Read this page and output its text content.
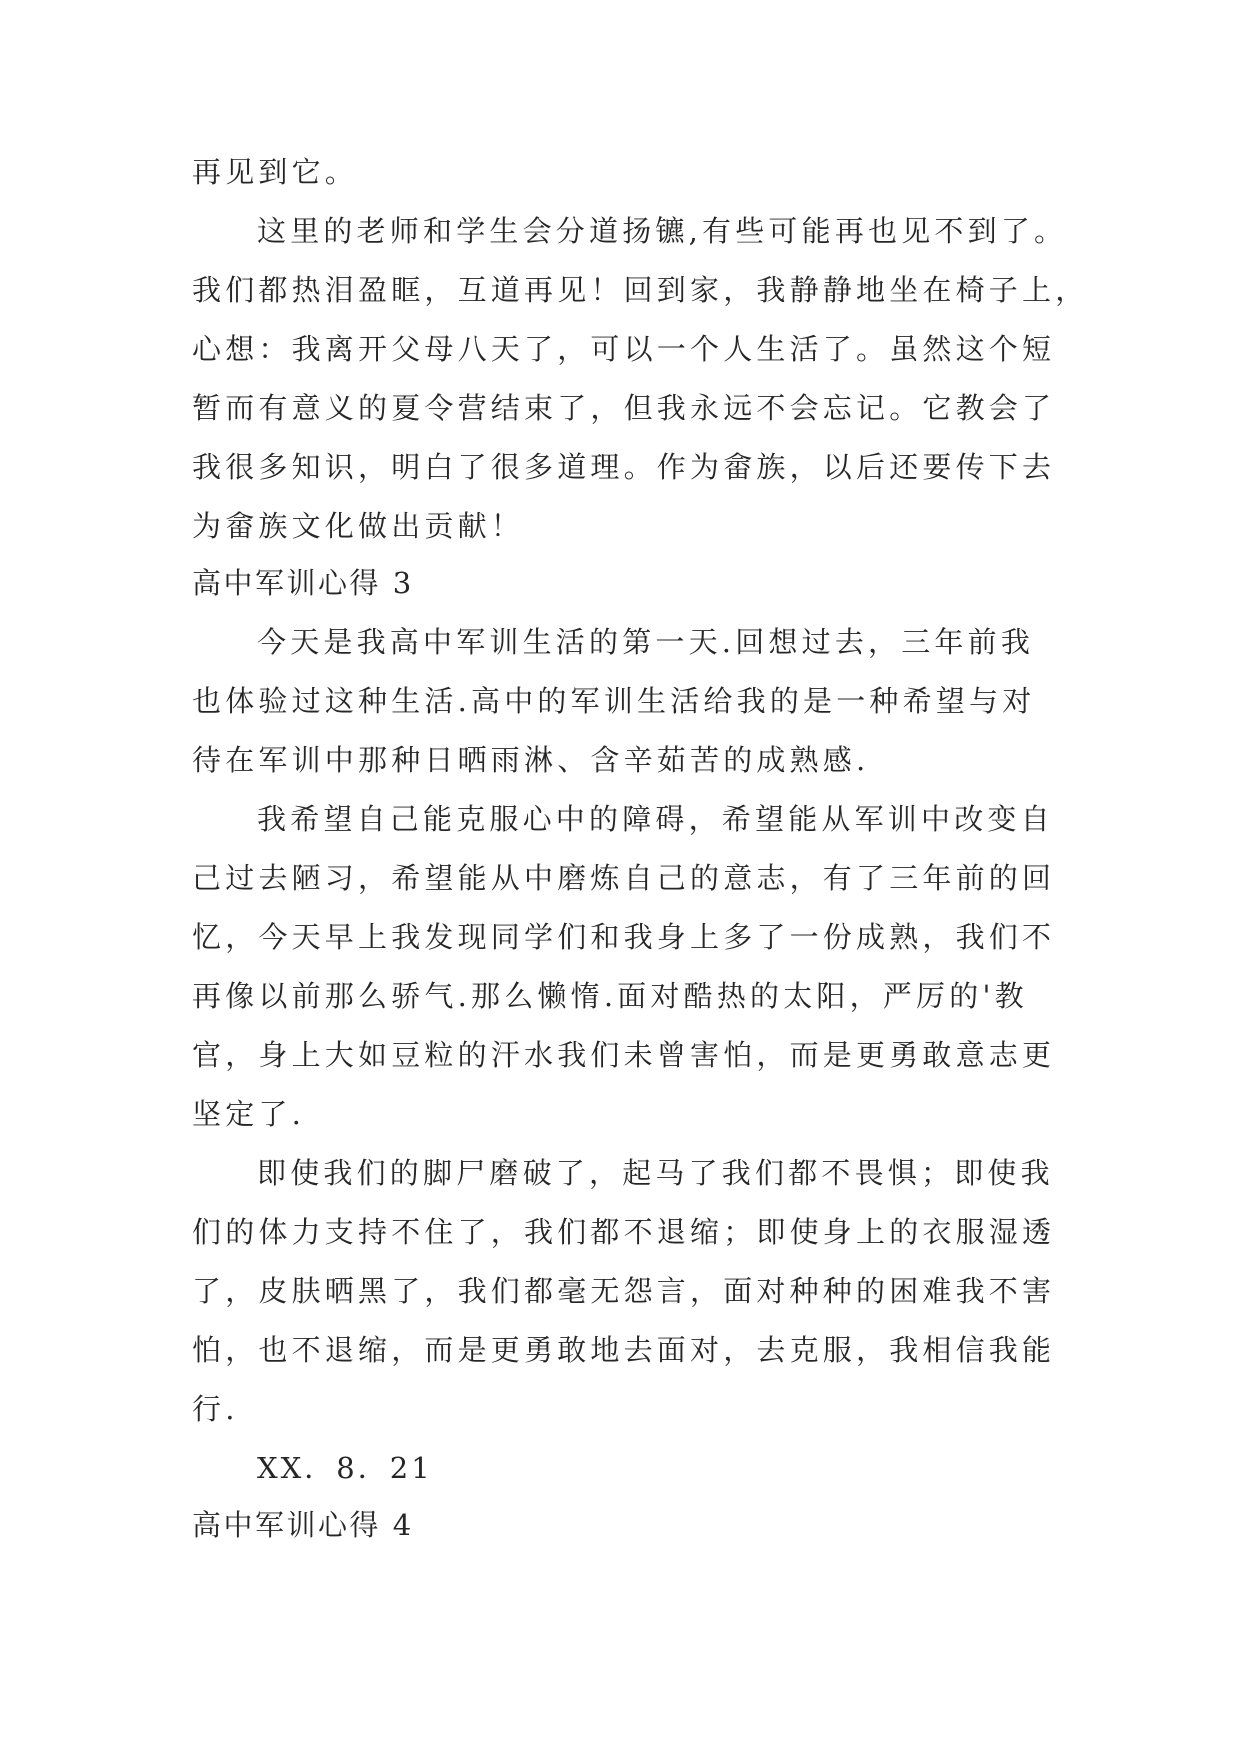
再见到它。

这里的老师和学生会分道扬镳,有些可能再也见不到了。

我们都热泪盈眶，互道再见！回到家，我静静地坐在椅子上，

心想：我离开父母八天了，可以一个人生活了。虽然这个短

暂而有意义的夏令营结束了，但我永远不会忘记。它教会了

我很多知识，明白了很多道理。作为畲族，以后还要传下去

为畲族文化做出贡献！

高中军训心得 3

今天是我高中军训生活的第一天.回想过去，三年前我

也体验过这种生活.高中的军训生活给我的是一种希望与对

待在军训中那种日晒雨淋、含辛茹苦的成熟感.

我希望自己能克服心中的障碍，希望能从军训中改变自

己过去陋习，希望能从中磨炼自己的意志，有了三年前的回

忆，今天早上我发现同学们和我身上多了一份成熟，我们不

再像以前那么骄气.那么懒惰.面对酷热的太阳，严厉的'教

官，身上大如豆粒的汗水我们未曾害怕，而是更勇敢意志更

坚定了.

即使我们的脚尸磨破了，起马了我们都不畏惧；即使我

们的体力支持不住了，我们都不退缩；即使身上的衣服湿透

了，皮肤晒黑了，我们都毫无怨言，面对种种的困难我不害

怕，也不退缩，而是更勇敢地去面对，去克服，我相信我能

行.

XX．8．21

高中军训心得 4
